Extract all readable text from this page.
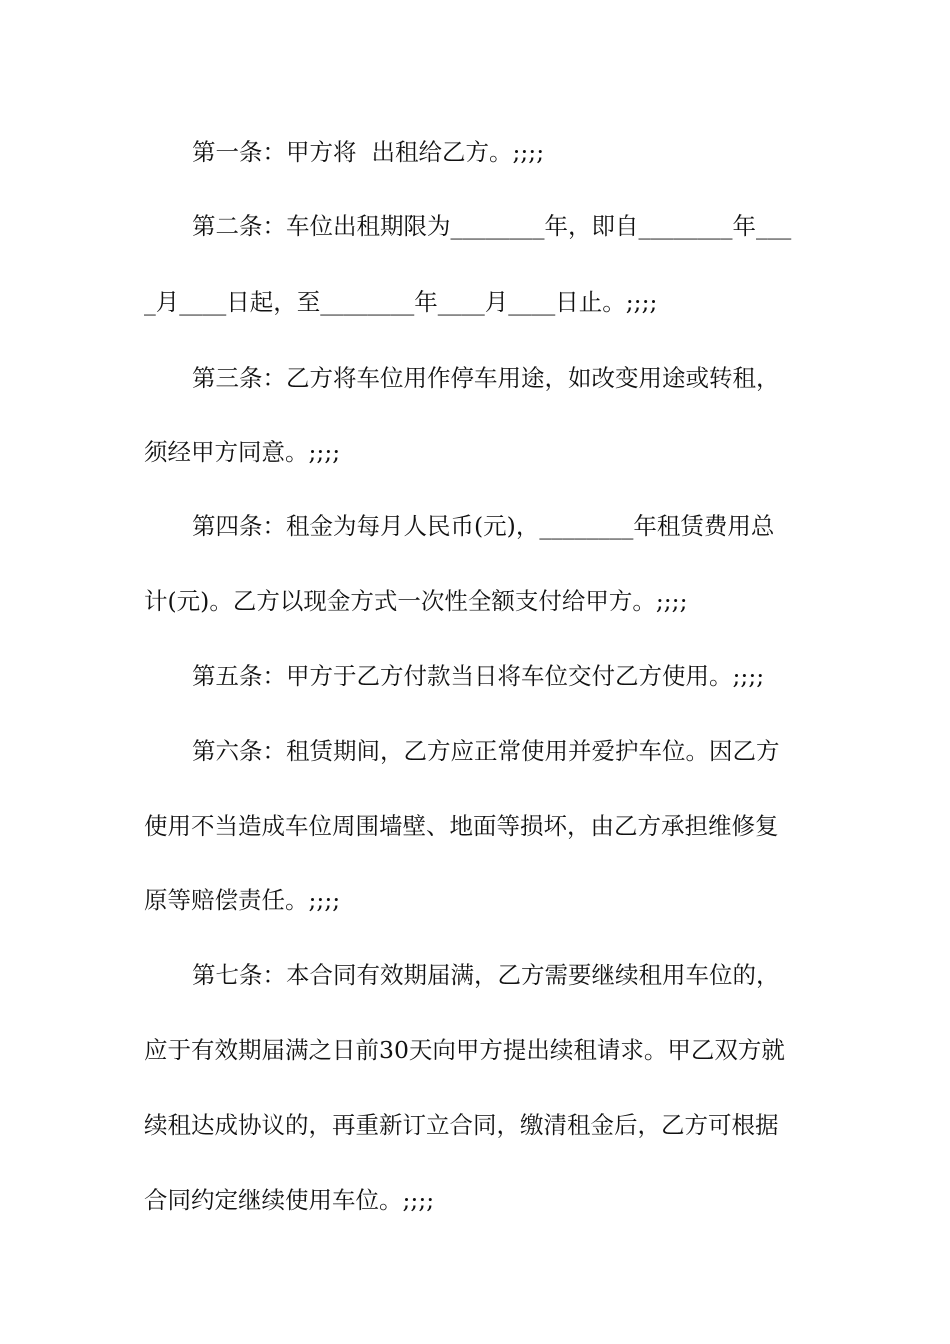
第一条：甲方将  出租给乙方。;;;;
第二条：车位出租期限为________年，即自________年___
_月____日起，至________年____月____日止。;;;;
第三条：乙方将车位用作停车用途，如改变用途或转租，
须经甲方同意。;;;;
第四条：租金为每月人民币(元)，________年租赁费用总
计(元)。乙方以现金方式一次性全额支付给甲方。;;;;
第五条：甲方于乙方付款当日将车位交付乙方使用。;;;;
第六条：租赁期间，乙方应正常使用并爱护车位。因乙方
使用不当造成车位周围墙壁、地面等损坏，由乙方承担维修复
原等赔偿责任。;;;;
第七条：本合同有效期届满，乙方需要继续租用车位的，
应于有效期届满之日前30天向甲方提出续租请求。甲乙双方就
续租达成协议的，再重新订立合同，缴清租金后，乙方可根据
合同约定继续使用车位。;;;;
